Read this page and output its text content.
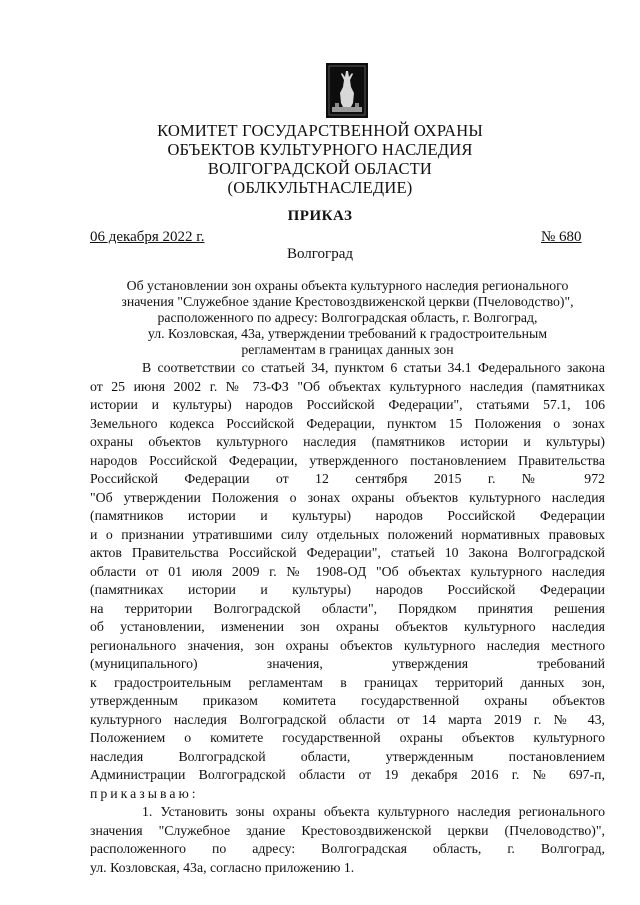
КОМИТЕТ ГОСУДАРСТВЕННОЙ ОХРАНЫ
ОБЪЕКТОВ КУЛЬТУРНОГО НАСЛЕДИЯ
ВОЛГОГРАДСКОЙ ОБЛАСТИ
(ОБЛКУЛЬТНАСЛЕДИЕ)
ПРИКАЗ
06 декабря 2022 г.	№ 680
Волгоград
Об установлении зон охраны объекта культурного наследия регионального
значения "Служебное здание Крестовоздвиженской церкви (Пчеловодство)",
расположенного по адресу: Волгоградская область, г. Волгоград,
ул. Козловская, 43а, утверждении требований к градостроительным
регламентам в границах данных зон
В соответствии со статьей 34, пунктом 6 статьи 34.1 Федерального закона
от 25 июня 2002 г. № 73-ФЗ "Об объектах культурного наследия (памятниках
истории и культуры) народов Российской Федерации", статьями 57.1, 106
Земельного кодекса Российской Федерации, пунктом 15 Положения о зонах
охраны объектов культурного наследия (памятников истории и культуры)
народов Российской Федерации, утвержденного постановлением Правительства
Российской Федерации от 12 сентября 2015 г. № 972
"Об утверждении Положения о зонах охраны объектов культурного наследия
(памятников истории и культуры) народов Российской Федерации
и о признании утратившими силу отдельных положений нормативных правовых
актов Правительства Российской Федерации", статьей 10 Закона Волгоградской
области от 01 июля 2009 г. № 1908-ОД "Об объектах культурного наследия
(памятниках истории и культуры) народов Российской Федерации
на территории Волгоградской области", Порядком принятия решения
об установлении, изменении зон охраны объектов культурного наследия
регионального значения, зон охраны объектов культурного наследия местного
(муниципального) значения, утверждения требований
к градостроительным регламентам в границах территорий данных зон,
утвержденным приказом комитета государственной охраны объектов
культурного наследия Волгоградской области от 14 марта 2019 г. № 43,
Положением о комитете государственной охраны объектов культурного
наследия Волгоградской области, утвержденным постановлением
Администрации Волгоградской области от 19 декабря 2016 г. № 697-п,
приказываю:
1. Установить зоны охраны объекта культурного наследия регионального
значения "Служебное здание Крестовоздвиженской церкви (Пчеловодство)",
расположенного по адресу: Волгоградская область, г. Волгоград,
ул. Козловская, 43а, согласно приложению 1.
